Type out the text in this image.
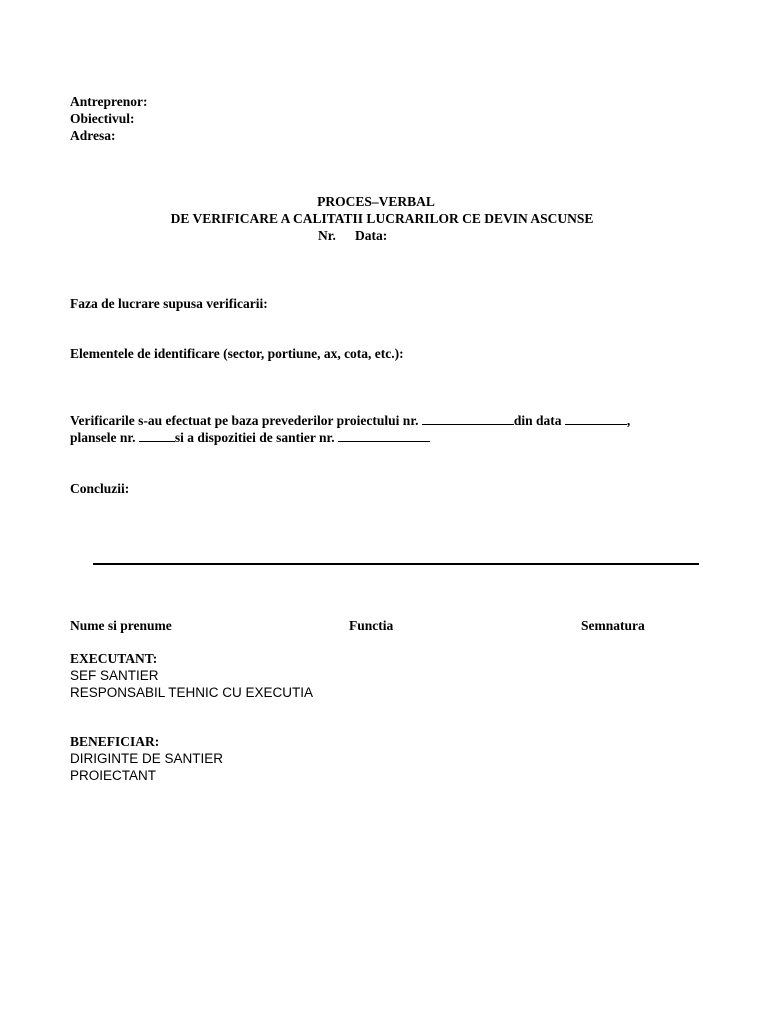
Antreprenor:
Obiectivul:
Adresa:
PROCES–VERBAL
DE VERIFICARE A CALITATII LUCRARILOR CE DEVIN ASCUNSE
Nr. Data:
Faza de lucrare supusa verificarii:
Elementele de identificare (sector, portiune, ax, cota, etc.):
Verificarile s-au efectuat pe baza prevederilor proiectului nr.	din data	,
plansele nr.	si a dispozitiei de santier nr.
Concluzii:
Nume si prenume	Functia	Semnatura
EXECUTANT:
SEF SANTIER
RESPONSABIL TEHNIC CU EXECUTIA
BENEFICIAR:
DIRIGINTE DE SANTIER
PROIECTANT
